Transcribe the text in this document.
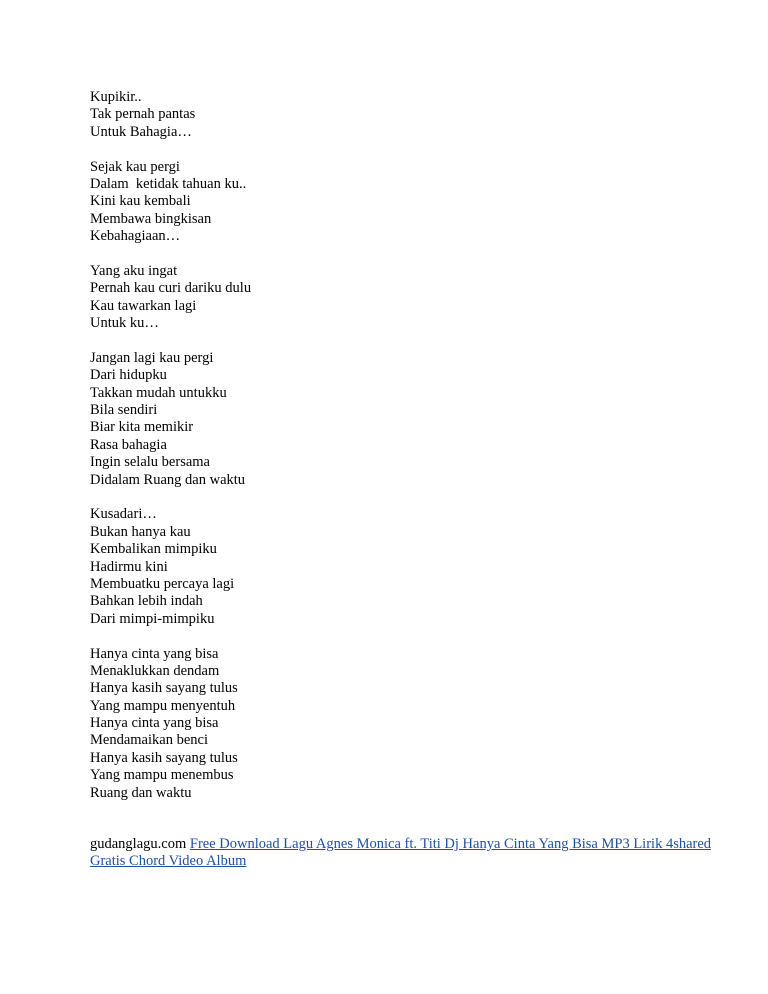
Kupikir..
Tak pernah pantas
Untuk Bahagia…
Sejak kau pergi
Dalam  ketidak tahuan ku..
Kini kau kembali
Membawa bingkisan
Kebahagiaan…
Yang aku ingat
Pernah kau curi dariku dulu
Kau tawarkan lagi
Untuk ku…
Jangan lagi kau pergi
Dari hidupku
Takkan mudah untukku
Bila sendiri
Biar kita memikir
Rasa bahagia
Ingin selalu bersama
Didalam Ruang dan waktu
Kusadari…
Bukan hanya kau
Kembalikan mimpiku
Hadirmu kini
Membuatku percaya lagi
Bahkan lebih indah
Dari mimpi-mimpiku
Hanya cinta yang bisa
Menaklukkan dendam
Hanya kasih sayang tulus
Yang mampu menyentuh
Hanya cinta yang bisa
Mendamaikan benci
Hanya kasih sayang tulus
Yang mampu menembus
Ruang dan waktu
gudanglagu.com Free Download Lagu Agnes Monica ft. Titi Dj Hanya Cinta Yang Bisa MP3 Lirik 4shared Gratis Chord Video Album
